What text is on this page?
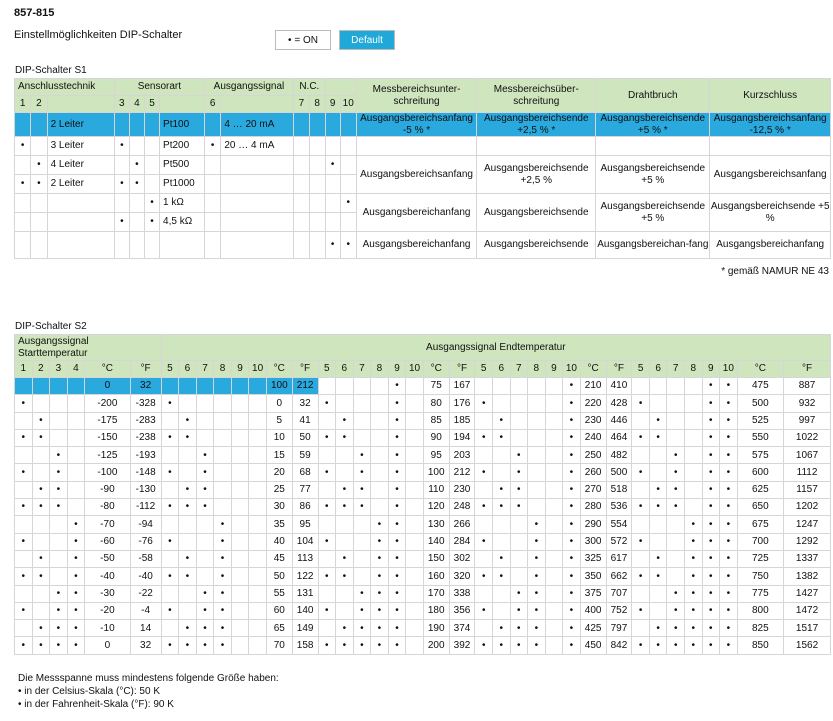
857-815
Einstellmöglichkeiten DIP-Schalter	• = ON	Default
DIP-Schalter S1
Anschlusstechnik			Sensorart				Ausgangssignal		N.C.				Messbereichsunter-schreitung	Messbereichsüber-schreitung	Drahtbruch	Kurzschluss
1	2		3	4	5		6		7	8	9	10				
		2 Leiter				Pt100		4 … 20 mA					Ausgangsbereichsanfang -5 % *	Ausgangsbereichsende +2,5 % *	Ausgangsbereichsende +5 % *	Ausgangsbereichsanfang -12,5 % *
•		3 Leiter	•			Pt200	•	20 … 4 mA								
	•	4 Leiter		•		Pt500					•		Ausgangsbereichsanfang	Ausgangsbereichsende +2,5 %	Ausgangsbereichsende +5 %	Ausgangsbereichsanfang
•	•	2 Leiter	•	•		Pt1000										
					•	1 kΩ						•	Ausgangsbereichanfang	Ausgangsbereichsende	Ausgangsbereichsende +5 %	Ausgangsbereichsende +5 %
			•		•	4,5 kΩ										
											•	•	Ausgangsbereichanfang	Ausgangsbereichsende	Ausgangsbereichan-fang	Ausgangsbereichanfang
* gemäß NAMUR NE 43
DIP-Schalter S2
Ausgangssignal Starttemperatur						Ausgangssignal Endtemperatur																															
1	2	3	4	°C	°F	5	6	7	8	9	10	°C	°F	5	6	7	8	9	10	°C	°F	5	6	7	8	9	10	°C	°F	5	6	7	8	9	10	°C	°F
				0	32							100	212					•		75	167						•	210	410					•	•	475	887
•				-200	-328	•						0	32	•				•		80	176	•					•	220	428	•				•	•	500	932
	•			-175	-283		•					5	41		•			•		85	185		•				•	230	446		•			•	•	525	997
•	•			-150	-238	•	•					10	50	•	•			•		90	194	•	•				•	240	464	•	•			•	•	550	1022
		•		-125	-193			•				15	59			•		•		95	203			•			•	250	482			•		•	•	575	1067
•		•		-100	-148	•		•				20	68	•		•		•		100	212	•		•			•	260	500	•		•		•	•	600	1112
	•	•		-90	-130		•	•				25	77		•	•		•		110	230		•	•			•	270	518		•	•		•	•	625	1157
•	•	•		-80	-112	•	•	•				30	86	•	•	•		•		120	248	•	•	•			•	280	536	•	•	•		•	•	650	1202
			•	-70	-94				•			35	95				•	•		130	266				•		•	290	554				•	•	•	675	1247
•			•	-60	-76	•			•			40	104	•			•	•		140	284	•			•		•	300	572	•			•	•	•	700	1292
	•		•	-50	-58		•		•			45	113		•		•	•		150	302		•		•		•	325	617		•		•	•	•	725	1337
•	•		•	-40	-40	•	•		•			50	122	•	•		•	•		160	320	•	•		•		•	350	662	•	•		•	•	•	750	1382
		•	•	-30	-22			•	•			55	131			•	•	•		170	338			•	•		•	375	707			•	•	•	•	775	1427
•		•	•	-20	-4	•		•	•			60	140	•		•	•	•		180	356	•		•	•		•	400	752	•		•	•	•	•	800	1472
	•	•	•	-10	14		•	•	•			65	149		•	•	•	•		190	374		•	•	•		•	425	797		•	•	•	•	•	825	1517
•	•	•	•	0	32	•	•	•	•			70	158	•	•	•	•	•		200	392	•	•	•	•		•	450	842	•	•	•	•	•	•	850	1562
Die Messspanne muss mindestens folgende Größe haben:
• in der Celsius-Skala (°C): 50 K
• in der Fahrenheit-Skala (°F): 90 K
